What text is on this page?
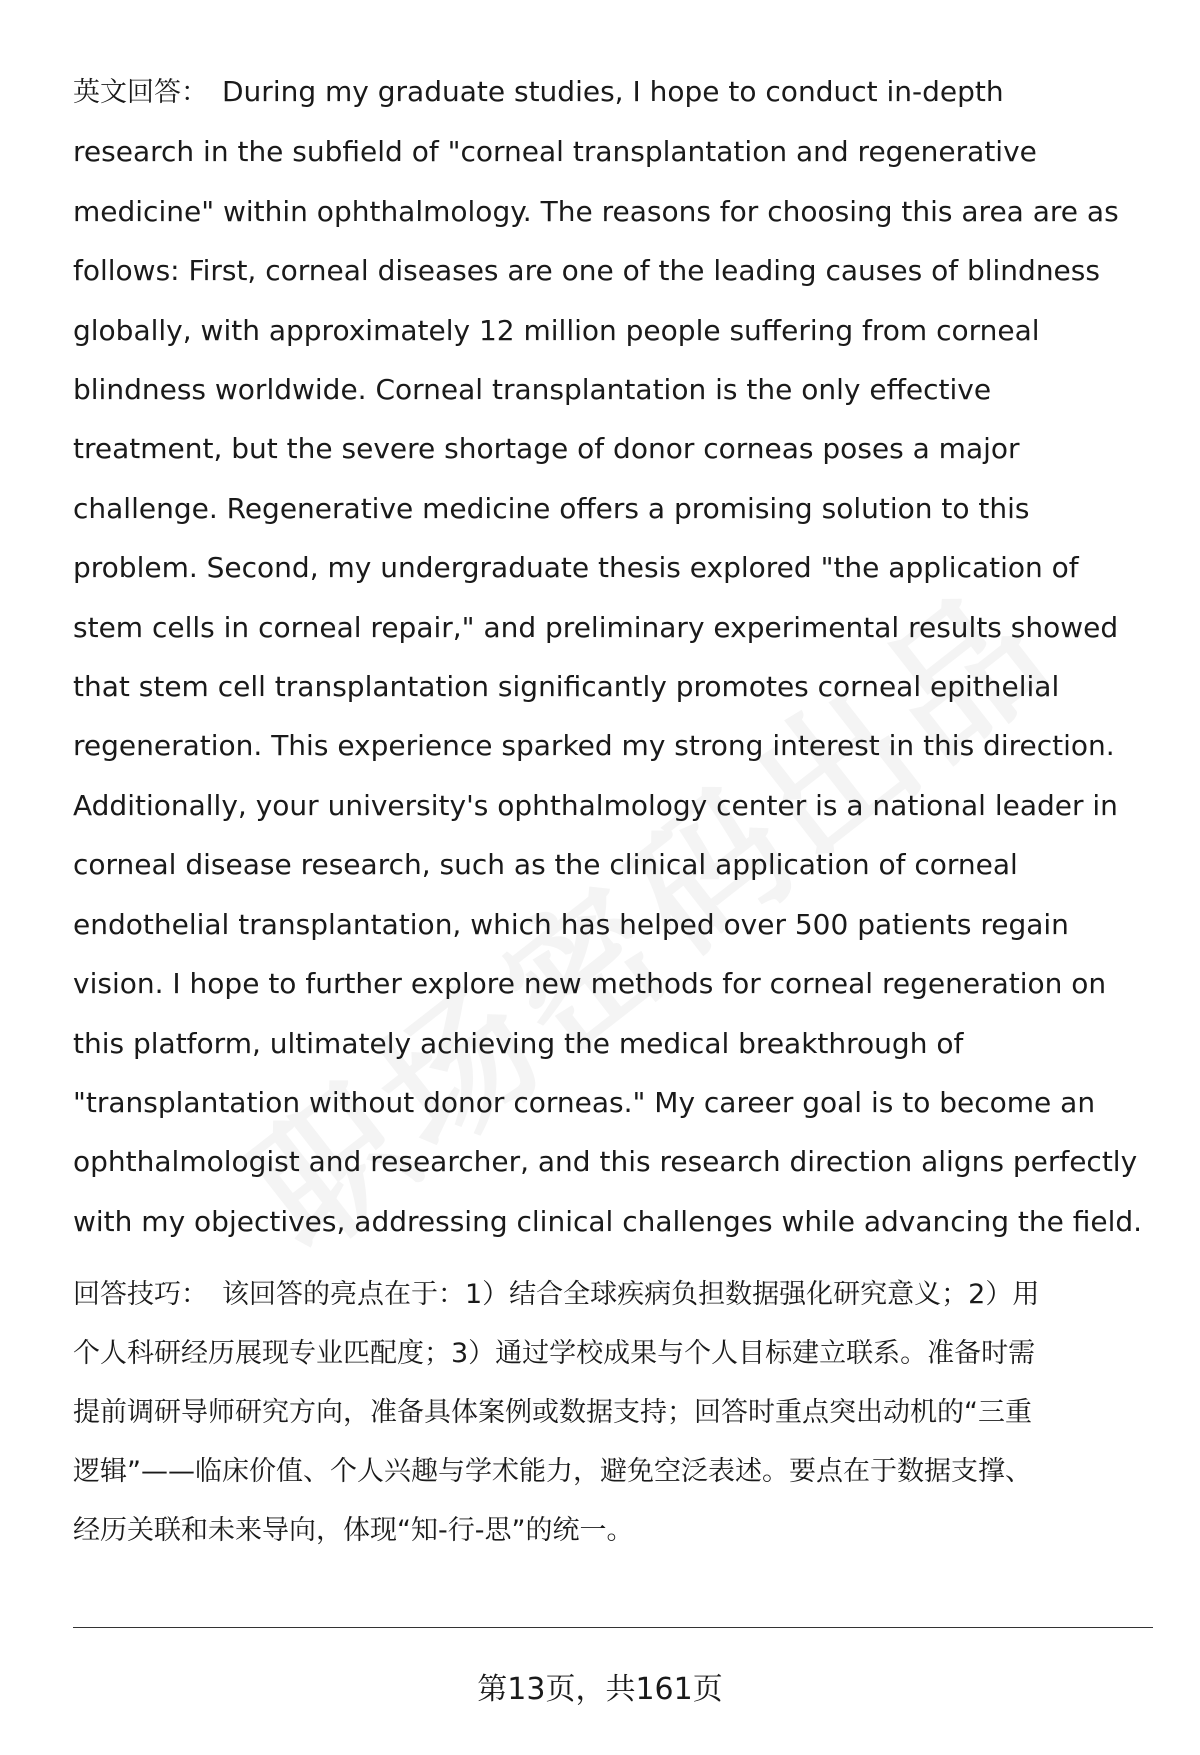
英文回答： During my graduate studies, I hope to conduct in-depth
research in the subfield of "corneal transplantation and regenerative
medicine" within ophthalmology. The reasons for choosing this area are as
follows: First, corneal diseases are one of the leading causes of blindness
globally, with approximately 12 million people suffering from corneal
blindness worldwide. Corneal transplantation is the only effective
treatment, but the severe shortage of donor corneas poses a major
challenge. Regenerative medicine offers a promising solution to this
problem. Second, my undergraduate thesis explored "the application of
stem cells in corneal repair," and preliminary experimental results showed
that stem cell transplantation significantly promotes corneal epithelial
regeneration. This experience sparked my strong interest in this direction.
Additionally, your university's ophthalmology center is a national leader in
corneal disease research, such as the clinical application of corneal
endothelial transplantation, which has helped over 500 patients regain
vision. I hope to further explore new methods for corneal regeneration on
this platform, ultimately achieving the medical breakthrough of
"transplantation without donor corneas." My career goal is to become an
ophthalmologist and researcher, and this research direction aligns perfectly
with my objectives, addressing clinical challenges while advancing the field.
回答技巧： 该回答的亮点在于：1）结合全球疾病负担数据强化研究意义；2）用
个人科研经历展现专业匹配度；3）通过学校成果与个人目标建立联系。准备时需
提前调研导师研究方向，准备具体案例或数据支持；回答时重点突出动机的“三重
逻辑”——临床价值、个人兴趣与学术能力，避免空泛表述。要点在于数据支撑、
经历关联和未来导向，体现“知-行-思”的统一。
第13页，共161页
